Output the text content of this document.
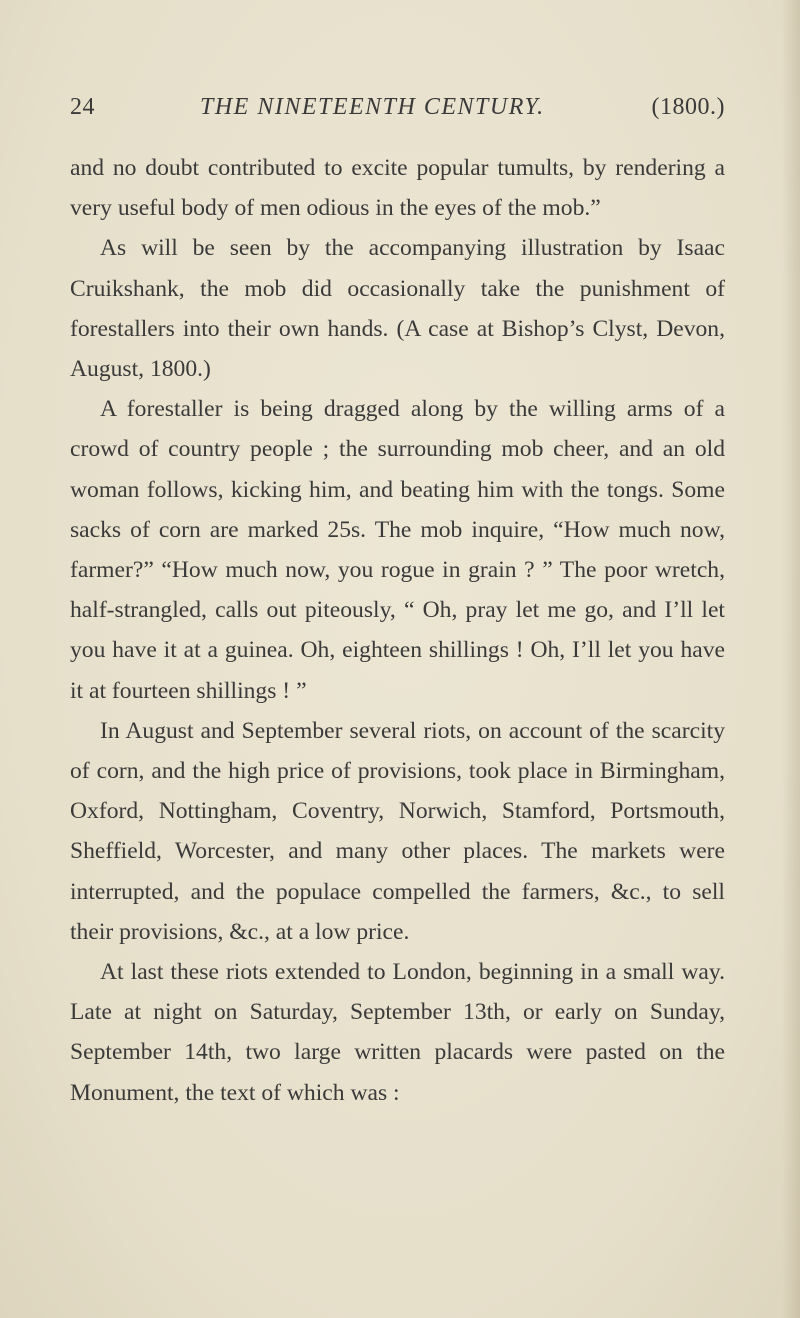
24	THE NINETEENTH CENTURY.	(1800.)

and no doubt contributed to excite popular tumults, by rendering a very useful body of men odious in the eyes of the mob.”

As will be seen by the accompanying illustration by Isaac Cruikshank, the mob did occasionally take the punishment of forestallers into their own hands. (A case at Bishop’s Clyst, Devon, August, 1800.)

A forestaller is being dragged along by the willing arms of a crowd of country people ; the surrounding mob cheer, and an old woman follows, kicking him, and beating him with the tongs. Some sacks of corn are marked 25s. The mob inquire, “How much now, farmer?” “How much now, you rogue in grain ? ” The poor wretch, half-strangled, calls out piteously, “ Oh, pray let me go, and I’ll let you have it at a guinea. Oh, eighteen shillings ! Oh, I’ll let you have it at fourteen shillings ! ”

In August and September several riots, on account of the scarcity of corn, and the high price of provisions, took place in Birmingham, Oxford, Nottingham, Coventry, Norwich, Stamford, Portsmouth, Sheffield, Worcester, and many other places. The markets were interrupted, and the populace compelled the farmers, &c., to sell their provisions, &c., at a low price.

At last these riots extended to London, beginning in a small way. Late at night on Saturday, September 13th, or early on Sunday, September 14th, two large written placards were pasted on the Monument, the text of which was :
